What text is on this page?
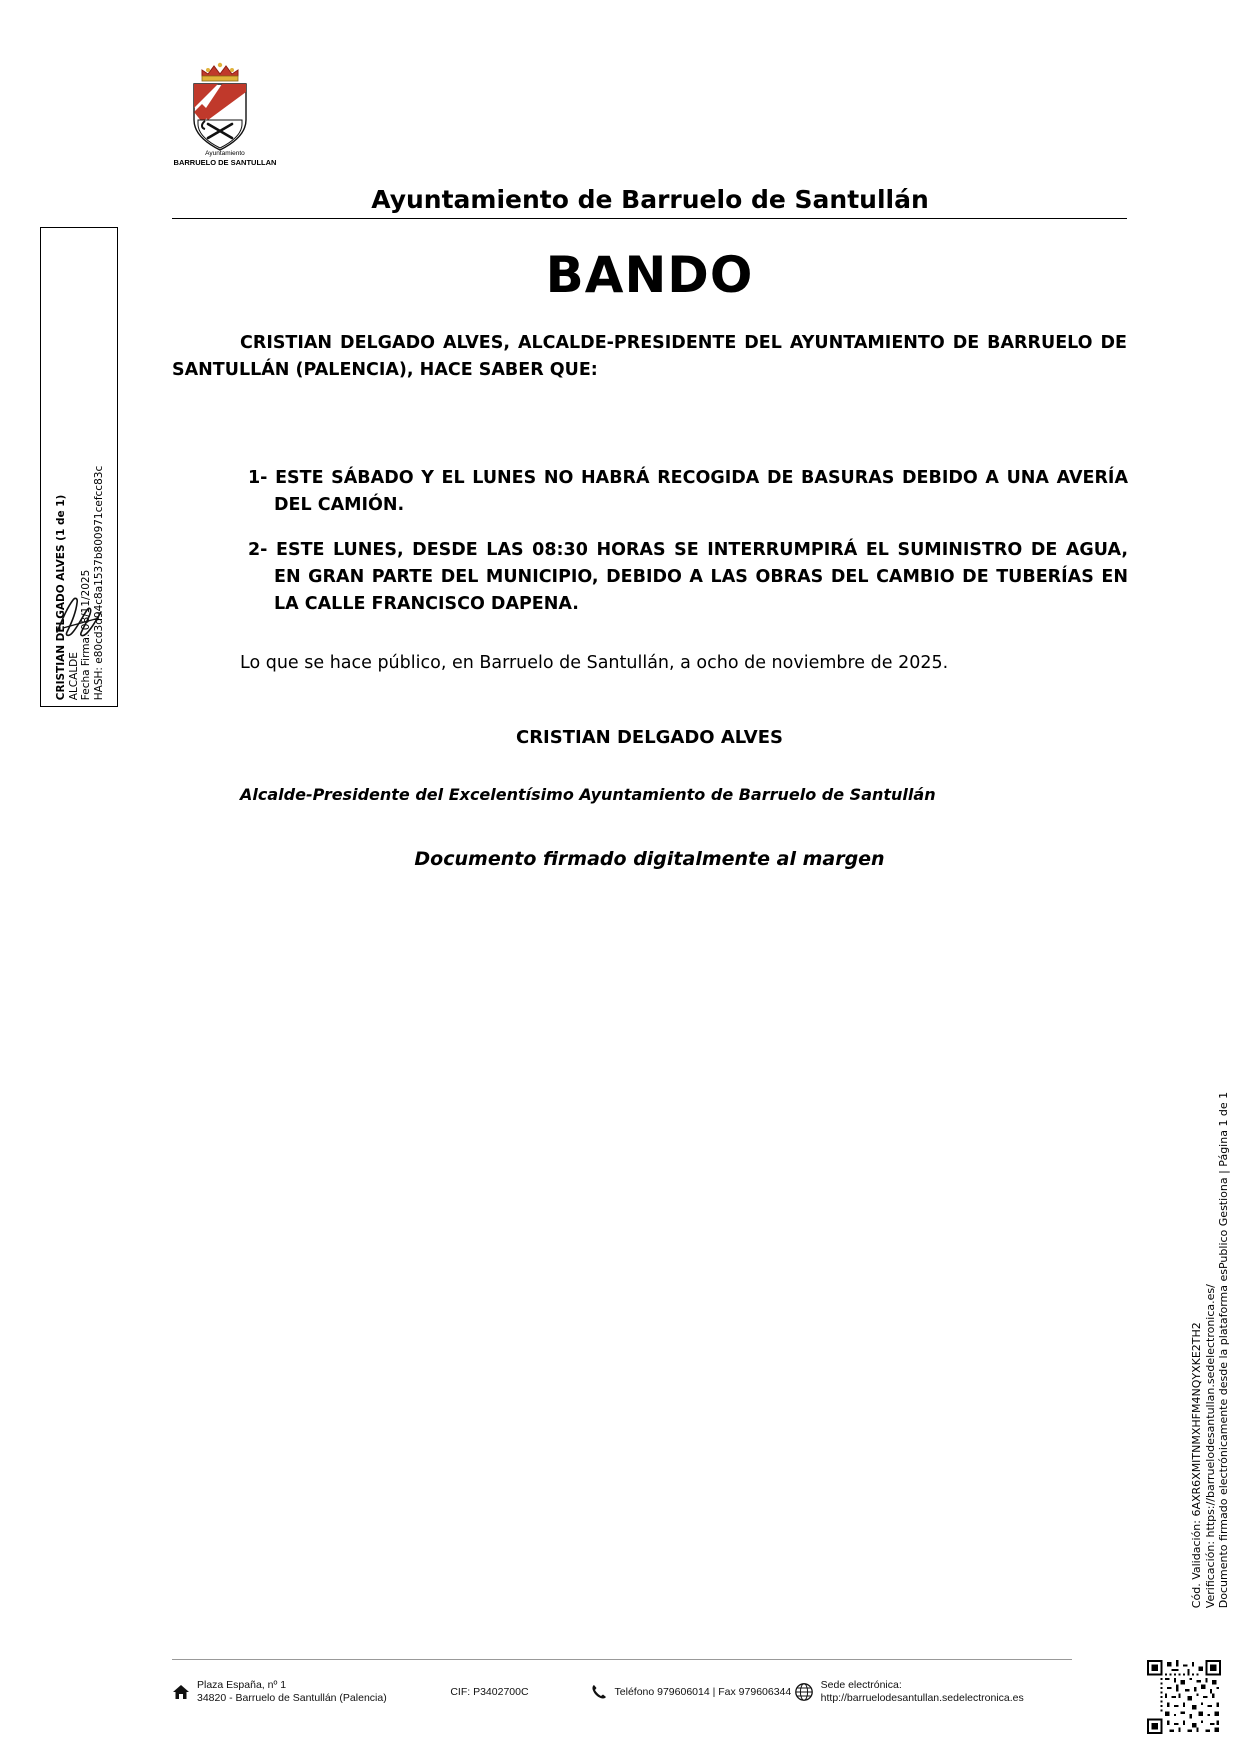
CRISTIAN DELGADO ALVES (1 de 1) ALCALDE Fecha Firma: 08/11/2025 HASH: e80cd3d94c8a1537b800971cefcc83c
Ayuntamiento
BARRUELO DE SANTULLAN
Ayuntamiento de Barruelo de Santullán
BANDO
CRISTIAN DELGADO ALVES, ALCALDE-PRESIDENTE DEL AYUNTAMIENTO DE BARRUELO DE SANTULLÁN (PALENCIA), HACE SABER QUE:
1- ESTE SÁBADO Y EL LUNES NO HABRÁ RECOGIDA DE BASURAS DEBIDO A UNA AVERÍA DEL CAMIÓN.
2- ESTE LUNES, DESDE LAS 08:30 HORAS SE INTERRUMPIRÁ EL SUMINISTRO DE AGUA, EN GRAN PARTE DEL MUNICIPIO, DEBIDO A LAS OBRAS DEL CAMBIO DE TUBERÍAS EN LA CALLE FRANCISCO DAPENA.
Lo que se hace público, en Barruelo de Santullán, a ocho de noviembre de 2025.
CRISTIAN DELGADO ALVES
Alcalde-Presidente del Excelentísimo Ayuntamiento de Barruelo de Santullán
Documento firmado digitalmente al margen
Cód. Validación: 6AXR6XMITNMXHFM4NQYXKE2TH2 Verificación: https://barruelodesantullan.sedelectronica.es/ Documento firmado electrónicamente desde la plataforma esPublico Gestiona | Página 1 de 1
Plaza España, nº 1
34820 - Barruelo de Santullán (Palencia)
CIF: P3402700C	Teléfono 979606014 | Fax 979606344
Sede electrónica:
http://barruelodesantullan.sedelectronica.es
